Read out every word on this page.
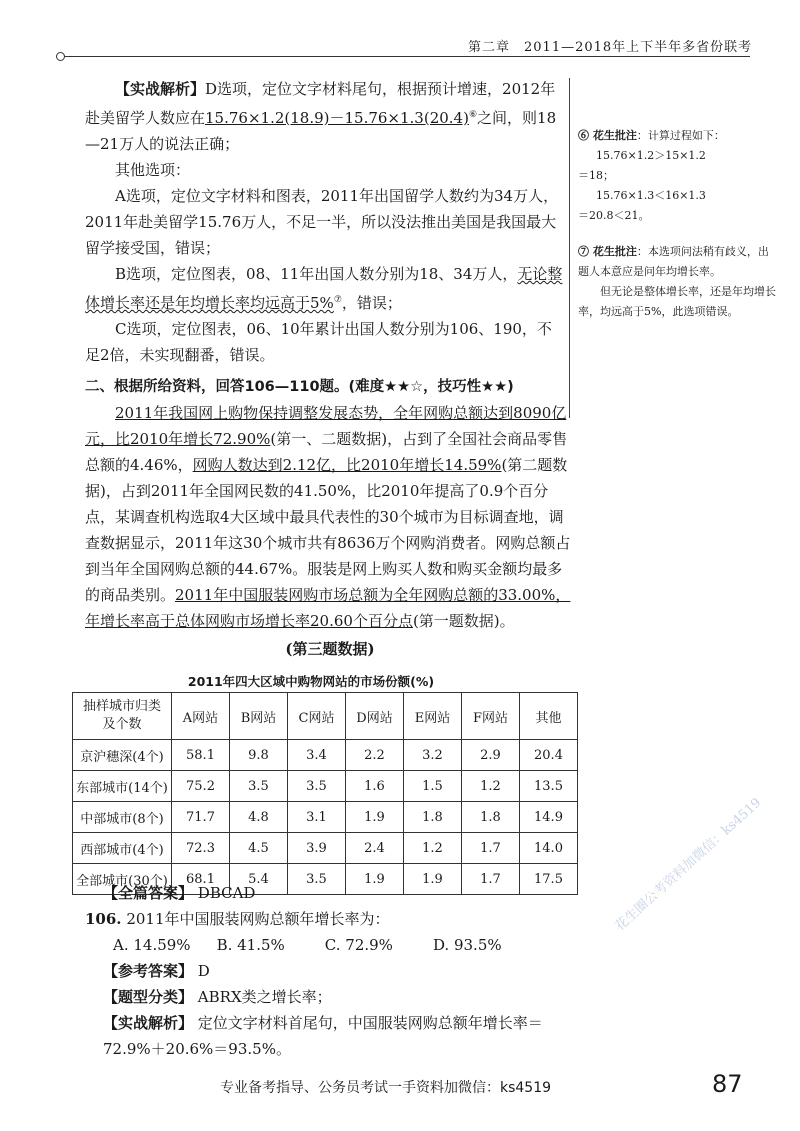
第二章　2011—2018年上下半年多省份联考

【实战解析】D选项，定位文字材料尾句，根据预计增速，2012年赴美留学人数应在15.76×1.2(18.9)－15.76×1.3(20.4)⑥之间，则18—21万人的说法正确；

其他选项：

A选项，定位文字材料和图表，2011年出国留学人数约为34万人，2011年赴美留学15.76万人，不足一半，所以没法推出美国是我国最大留学接受国，错误；

B选项，定位图表，08、11年出国人数分别为18、34万人，无论整体增长率还是年均增长率均远高于5%⑦，错误；

C选项，定位图表，06、10年累计出国人数分别为106、190，不足2倍，未实现翻番，错误。

⑥ 花生批注：计算过程如下：
15.76×1.2＞15×1.2
＝18；
15.76×1.3＜16×1.3
＝20.8＜21。
⑦ 花生批注：本选项问法稍有歧义，出题人本意应是问年均增长率。
但无论是整体增长率，还是年均增长率，均远高于5%，此选项错误。

二、根据所给资料，回答106—110题。(难度★★☆，技巧性★★)

2011年我国网上购物保持调整发展态势，全年网购总额达到8090亿元，比2010年增长72.90%(第一、二题数据)，占到了全国社会商品零售总额的4.46%，网购人数达到2.12亿，比2010年增长14.59%(第二题数据)，占到2011年全国网民数的41.50%，比2010年提高了0.9个百分点，某调查机构选取4大区域中最具代表性的30个城市为目标调查地，调查数据显示，2011年这30个城市共有8636万个网购消费者。网购总额占到当年全国网购总额的44.67%。服装是网上购买人数和购买金额均最多的商品类别。2011年中国服装网购市场总额为全年网购总额的33.00%，年增长率高于总体网购市场增长率20.60个百分点(第一题数据)。

(第三题数据)

2011年四大区域中购物网站的市场份额(%)
抽样城市归类
及个数	A网站	B网站	C网站	D网站	E网站	F网站	其他
京沪穗深(4个)	58.1	9.8	3.4	2.2	3.2	2.9	20.4
东部城市(14个)	75.2	3.5	3.5	1.6	1.5	1.2	13.5
中部城市(8个)	71.7	4.8	3.1	1.9	1.8	1.8	14.9
西部城市(4个)	72.3	4.5	3.9	2.4	1.2	1.7	14.0
全部城市(30个)	68.1	5.4	3.5	1.9	1.9	1.7	17.5

【全篇答案】 DBCAD

106. 2011年中国服装网购总额年增长率为：

A. 14.59% B. 41.5%	C. 72.9%	D. 93.5%

【参考答案】 D

【题型分类】 ABRX类之增长率；

【实战解析】 定位文字材料首尾句，中国服装网购总额年增长率＝72.9%＋20.6%＝93.5%。

花生圈公考资料加微信：ks4519
专业备考指导、公务员考试一手资料加微信：ks4519	87
